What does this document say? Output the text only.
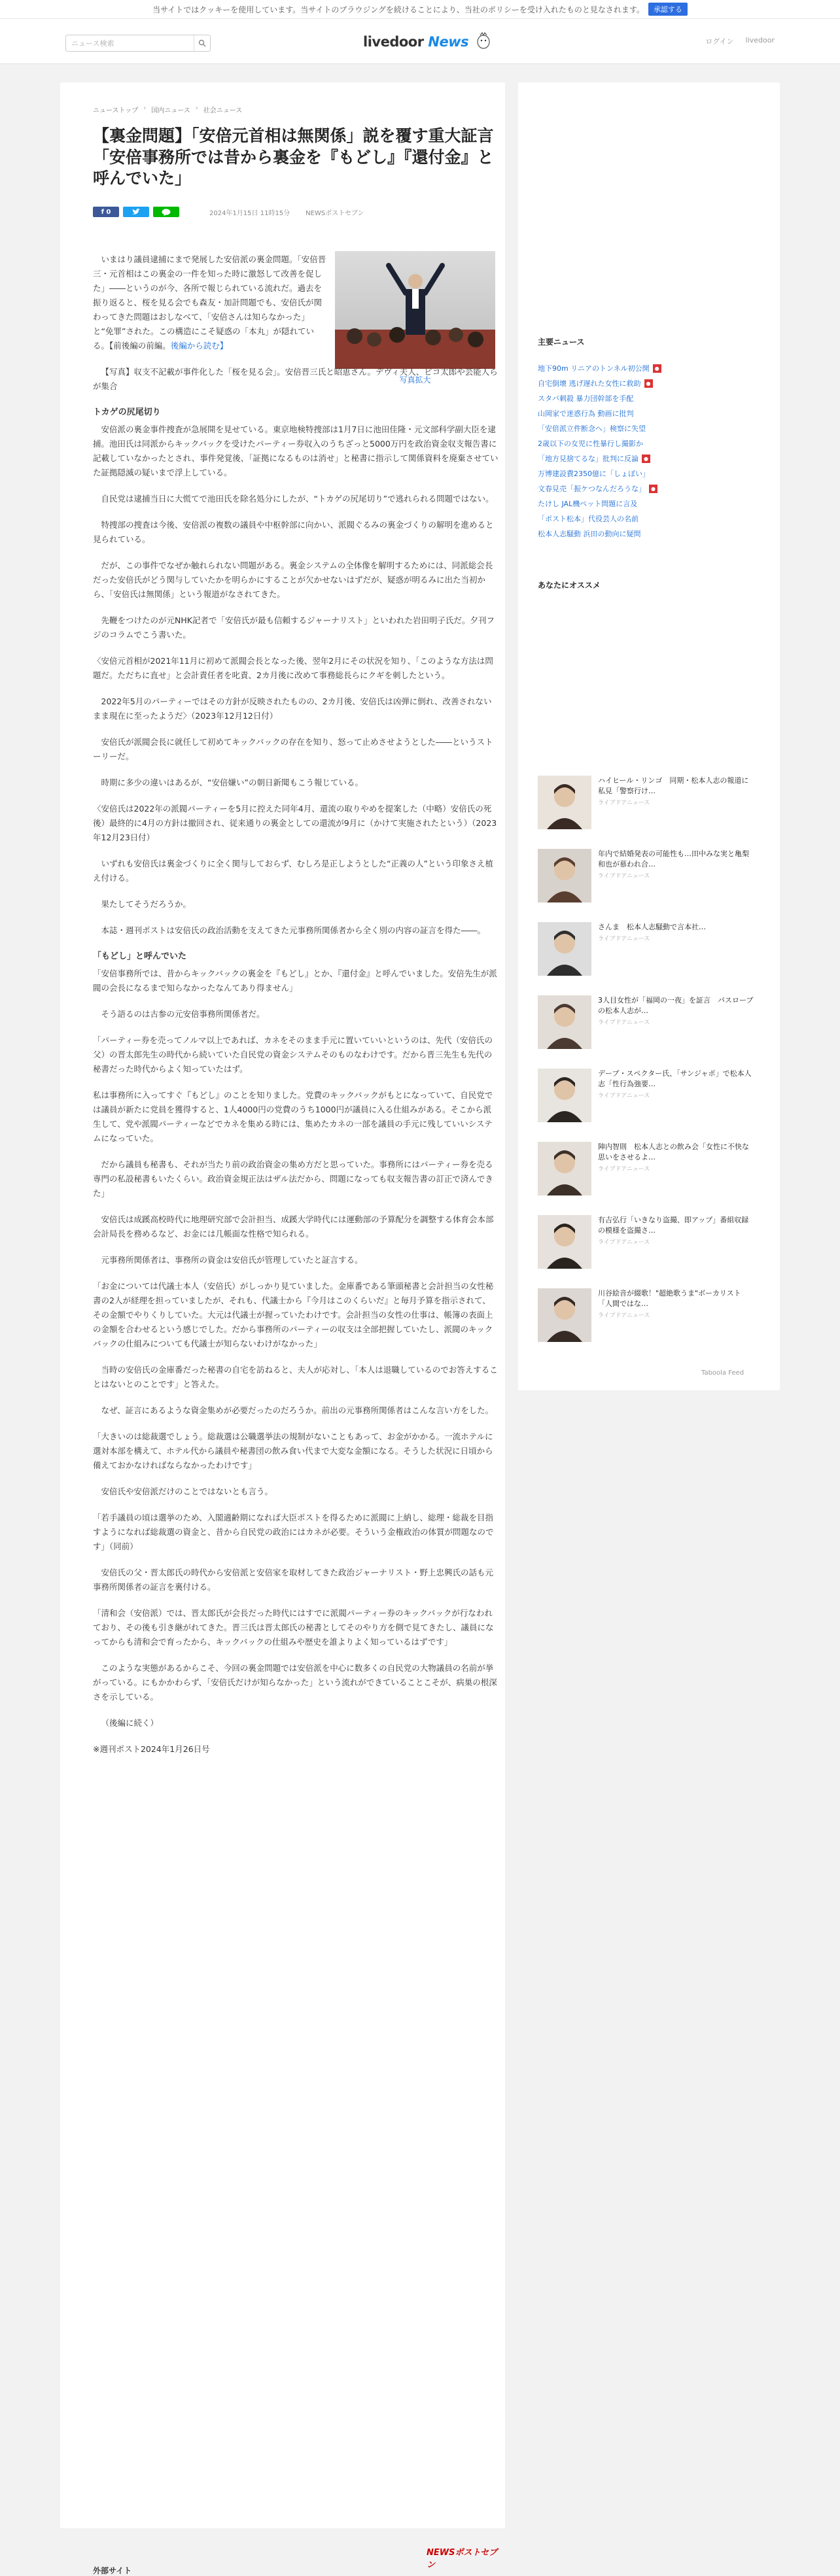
当サイトではクッキーを使用しています。当サイトのブラウジングを続けることにより、当社のポリシーを受け入れたものと見なされます。	承認する
ニュース検索	livedoor News	ログイン livedoor
ニューストップ › 国内ニュース › 社会ニュース
【裏金問題】「安倍元首相は無関係」説を覆す重大証言　「安倍事務所では昔から裏金を『もどし』『還付金』と呼んでいた」
f 0	2024年1月15日 11時15分 NEWSポストセブン
写真拡大

いまはり議員逮捕にまで発展した安倍派の裏金問題。「安倍晋三・元首相はこの裏金の一件を知った時に激怒して改善を促した」――というのが今、各所で報じられている流れだ。過去を振り返ると、桜を見る会でも森友・加計問題でも、安倍氏が関わってきた問題はおしなべて、「安倍さんは知らなかった」と“免罪”された。この構造にこそ疑惑の「本丸」が隠れている。【前後編の前編。後編から読む】

【写真】収支不記載が事件化した「桜を見る会」。安倍晋三氏と昭恵さん。デヴィ夫人、ピコ太郎や芸能人らが集合

トカゲの尻尾切り

安倍派の裏金事件捜査が急展開を見せている。東京地検特捜部は1月7日に池田佳隆・元文部科学副大臣を逮捕。池田氏は同派からキックバックを受けたパーティー券収入のうちざっと5000万円を政治資金収支報告書に記載していなかったとされ、事件発覚後、「証拠になるものは消せ」と秘書に指示して関係資料を廃棄させていた証拠隠滅の疑いまで浮上している。

自民党は逮捕当日に大慌てで池田氏を除名処分にしたが、“トカゲの尻尾切り”で逃れられる問題ではない。

特捜部の捜査は今後、安倍派の複数の議員や中枢幹部に向かい、派閥ぐるみの裏金づくりの解明を進めると見られている。

だが、この事件でなぜか触れられない問題がある。裏金システムの全体像を解明するためには、同派総会長だった安倍氏がどう関与していたかを明らかにすることが欠かせないはずだが、疑惑が明るみに出た当初から、「安倍氏は無関係」という報道がなされてきた。

先鞭をつけたのが元NHK記者で「安倍氏が最も信頼するジャーナリスト」といわれた岩田明子氏だ。夕刊フジのコラムでこう書いた。

〈安倍元首相が2021年11月に初めて派閥会長となった後、翌年2月にその状況を知り、「このような方法は問題だ。ただちに直せ」と会計責任者を叱責、2カ月後に改めて事務総長らにクギを刺したという。

2022年5月のパーティーではその方針が反映されたものの、2カ月後、安倍氏は凶弾に倒れ、改善されないまま現在に至ったようだ〉（2023年12月12日付）

安倍氏が派閥会長に就任して初めてキックバックの存在を知り、怒って止めさせようとした――というストーリーだ。

時期に多少の違いはあるが、“安倍嫌い”の朝日新聞もこう報じている。

〈安倍氏は2022年の派閥パーティーを5月に控えた同年4月、還流の取りやめを提案した（中略）安倍氏の死後）最終的に4月の方針は撤回され、従来通りの裏金としての還流が9月に（かけて実施されたという）（2023年12月23日付）

いずれも安倍氏は裏金づくりに全く関与しておらず、むしろ是正しようとした“正義の人”という印象さえ植え付ける。

果たしてそうだろうか。

本誌・週刊ポストは安倍氏の政治活動を支えてきた元事務所関係者から全く別の内容の証言を得た――。

「もどし」と呼んでいた

「安倍事務所では、昔からキックバックの裏金を『もどし』とか、『還付金』と呼んでいました。安倍先生が派閥の会長になるまで知らなかったなんてあり得ません」

そう語るのは古参の元安倍事務所関係者だ。

「パーティー券を売ってノルマ以上であれば、カネをそのまま手元に置いていいというのは、先代（安倍氏の父）の晋太郎先生の時代から続いていた自民党の資金システムそのものなわけです。だから晋三先生も先代の秘書だった時代からよく知っていたはず。

私は事務所に入ってすぐ『もどし』のことを知りました。党費のキックバックがもとになっていて、自民党では議員が新たに党員を獲得すると、1人4000円の党費のうち1000円が議員に入る仕組みがある。そこから派生して、党や派閥パーティーなどでカネを集める時には、集めたカネの一部を議員の手元に残していいシステムになっていた。

だから議員も秘書も、それが当たり前の政治資金の集め方だと思っていた。事務所にはパーティー券を売る専門の私設秘書もいたくらい。政治資金規正法はザル法だから、問題になっても収支報告書の訂正で済んできた」

安倍氏は成蹊高校時代に地理研究部で会計担当、成蹊大学時代には運動部の予算配分を調整する体育会本部会計局長を務めるなど、お金には几帳面な性格で知られる。

元事務所関係者は、事務所の資金は安倍氏が管理していたと証言する。

「お金については代議士本人（安倍氏）がしっかり見ていました。金庫番である筆頭秘書と会計担当の女性秘書の2人が経理を担っていましたが、それも、代議士から『今月はこのくらいだ』と毎月予算を指示されて、その金額でやりくりしていた。大元は代議士が握っていたわけです。会計担当の女性の仕事は、帳簿の表面上の金額を合わせるという感じでした。だから事務所のパーティーの収支は全部把握していたし、派閥のキックバックの仕組みについても代議士が知らないわけがなかった」

当時の安倍氏の金庫番だった秘書の自宅を訪ねると、夫人が応対し、「本人は退職しているのでお答えすることはないとのことです」と答えた。

なぜ、証言にあるような資金集めが必要だったのだろうか。前出の元事務所関係者はこんな言い方をした。

「大きいのは総裁選でしょう。総裁選は公職選挙法の規制がないこともあって、お金がかかる。一流ホテルに選対本部を構えて、ホテル代から議員や秘書団の飲み食い代まで大変な金額になる。そうした状況に日頃から備えておかなければならなかったわけです」

安倍氏や安倍派だけのことではないとも言う。

「若手議員の頃は選挙のため、入閣適齢期になれば大臣ポストを得るために派閥に上納し、総理・総裁を目指すようになれば総裁選の資金と、昔から自民党の政治にはカネが必要。そういう金権政治の体質が問題なのです」（同前）

安倍氏の父・晋太郎氏の時代から安倍派と安倍家を取材してきた政治ジャーナリスト・野上忠興氏の話も元事務所関係者の証言を裏付ける。

「清和会（安倍派）では、晋太郎氏が会長だった時代にはすでに派閥パーティー券のキックバックが行なわれており、その後も引き継がれてきた。晋三氏は晋太郎氏の秘書としてそのやり方を側で見てきたし、議員になってからも清和会で育ったから、キックバックの仕組みや歴史を誰よりよく知っているはずです」

このような実態があるからこそ、今回の裏金問題では安倍派を中心に数多くの自民党の大物議員の名前が挙がっている。にもかかわらず、「安倍氏だけが知らなかった」という流れができていることこそが、病巣の根深さを示している。

（後編に続く）

※週刊ポスト2024年1月26日号

NEWSポストセブン
外部サイト
主要ニュース
地下90m リニアのトンネル初公開	●
自宅倒壊 逃げ遅れた女性に救助	●
スタバ刺殺 暴力団幹部を手配
山岡家で迷惑行為 動画に批判
「安倍派立件断念へ」検察に失望
2歳以下の女児に性暴行し撮影か
「地方見捨てるな」批判に反論	●
万博建設費2350億に「しょぼい」
文春見売「振ケつなんだろうな」	●
たけし JAL機ペット問題に言及
「ポスト松本」代役芸人の名前
松本人志騒動 浜田の動向に疑問
あなたにオススメ
ハイヒール・リンゴ　同期・松本人志の報道に私見「警察行け…
ライブドアニュース
年内で結婚発表の可能性も…田中みな実と亀梨和也が慕われ合…
ライブドアニュース
さんま　松本人志騒動で言本社…
ライブドアニュース
3人目女性が「福岡の一夜」を証言　パスローブの松本人志が…
ライブドアニュース
デーブ・スペクター氏、「サンジャポ」で松本人志「性行為強要…
ライブドアニュース
陣内智則　松本人志との飲み会「女性に不快な思いをさせるよ…
ライブドアニュース
有吉弘行「いきなり盗撮、即アップ」番組収録の模様を盗撮さ…
ライブドアニュース
川谷絵音が綴歌！"超絶歌うま"ボーカリスト「人間ではな…
ライブドアニュース
Taboola Feed
